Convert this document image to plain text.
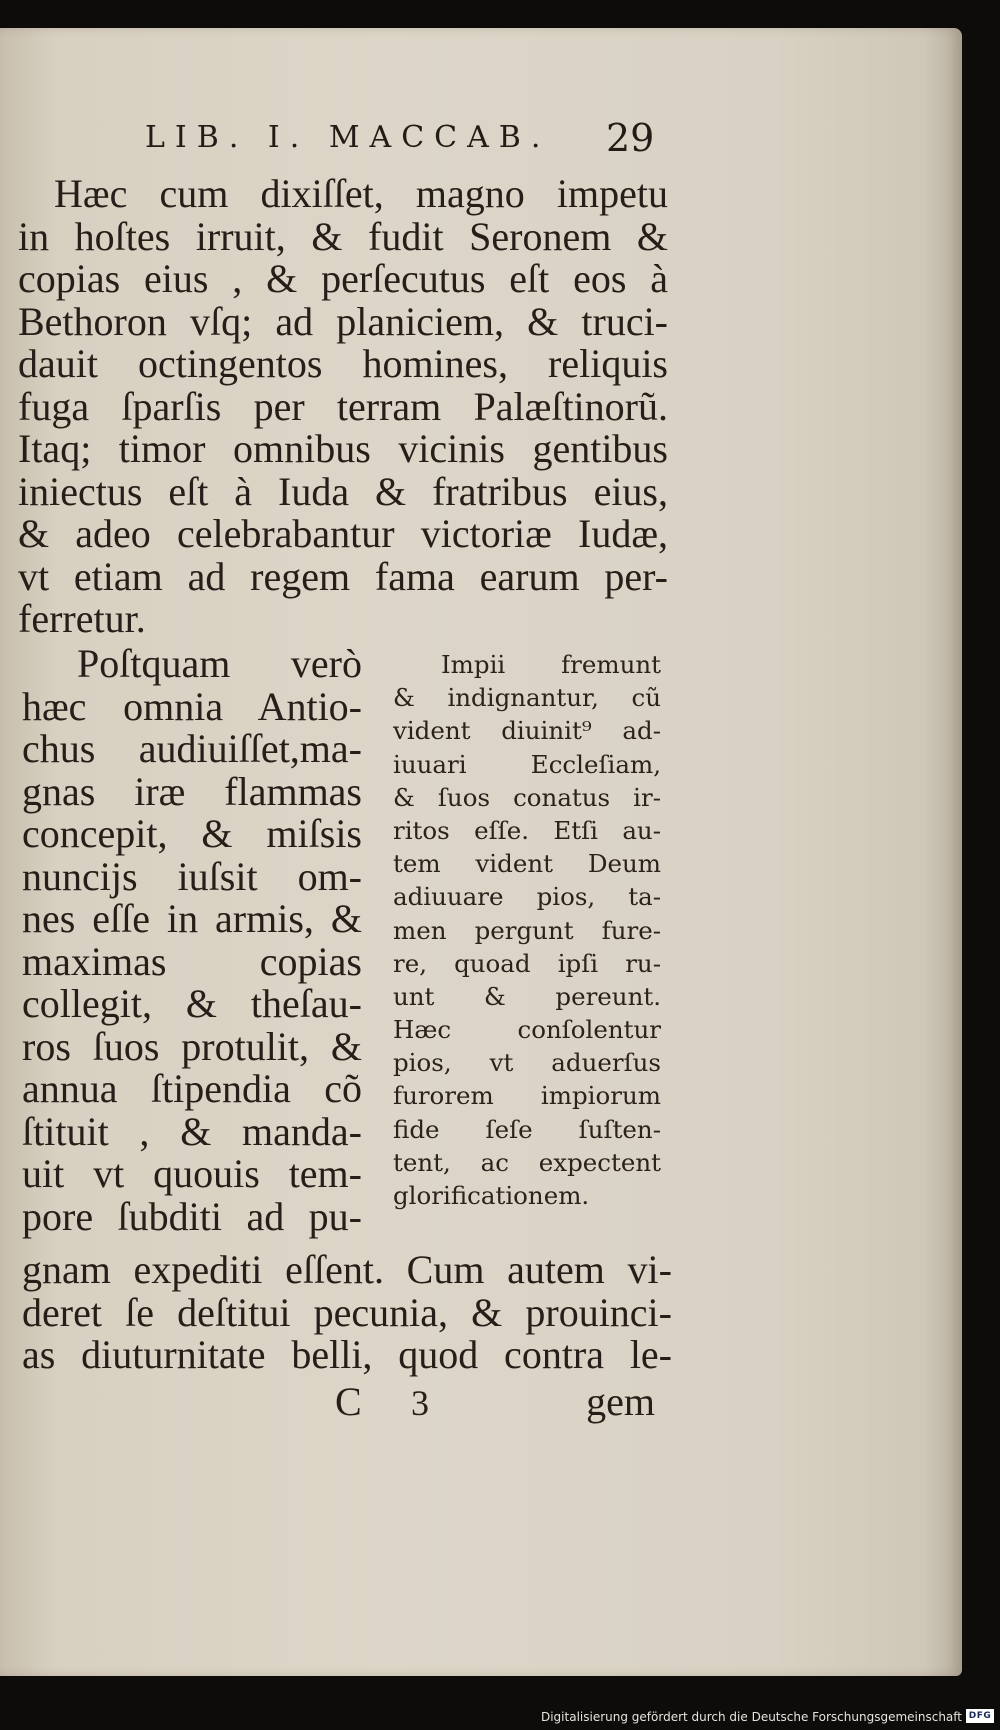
LIB. I. MACCAB.	29
Hæc cum dixiſſet, magno impetu
in hoſtes irruit, & fudit Seronem &
copias eius , & perſecutus eſt eos à
Bethoron vſq; ad planiciem, & truci-
dauit octingentos homines, reliquis
fuga ſparſis per terram Palæſtinorũ.
Itaq; timor omnibus vicinis gentibus
iniectus eſt à Iuda & fratribus eius,
& adeo celebrabantur victoriæ Iudæ,
vt etiam ad regem fama earum per-
ferretur.
Poſtquam verò
hæc omnia Antio-
chus audiuiſſet,ma-
gnas iræ flammas
concepit, & miſsis
nuncijs iuſsit om-
nes eſſe in armis, &
maximas copias
collegit, & theſau-
ros ſuos protulit, &
annua ſtipendia cõ
ſtituit , & manda-
uit vt quouis tem-
pore ſubditi ad pu-
Impii fremunt
& indignantur, cũ
vident diuinit⁹ ad-
iuuari Eccleſiam,
& ſuos conatus ir-
ritos eſſe. Etſi au-
tem vident Deum
adiuuare pios, ta-
men pergunt fure-
re, quoad ipſi ru-
unt & pereunt.
Hæc conſolentur
pios, vt aduerſus
furorem impiorum
fide ſeſe ſuſten-
tent, ac expectent
glorificationem.
gnam expediti eſſent. Cum autem vi-
deret ſe deſtitui pecunia, & prouinci-
as diuturnitate belli, quod contra le-
C 3	gem
Digitalisierung gefördert durch die Deutsche Forschungsgemeinschaft DFG
